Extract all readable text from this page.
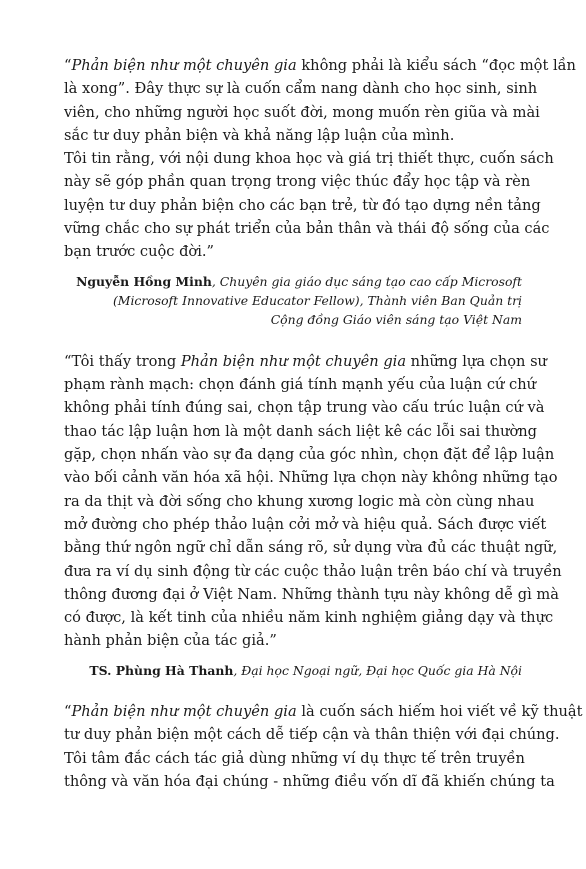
“Phản biện như một chuyên gia không phải là kiểu sách “đọc một lần
là xong”. Đây thực sự là cuốn cẩm nang dành cho học sinh, sinh
viên, cho những người học suốt đời, mong muốn rèn giũa và mài
sắc tư duy phản biện và khả năng lập luận của mình.
Tôi tin rằng, với nội dung khoa học và giá trị thiết thực, cuốn sách
này sẽ góp phần quan trọng trong việc thúc đẩy học tập và rèn
luyện tư duy phản biện cho các bạn trẻ, từ đó tạo dựng nền tảng
vững chắc cho sự phát triển của bản thân và thái độ sống của các
bạn trước cuộc đời.”
Nguyễn Hồng Minh, Chuyên gia giáo dục sáng tạo cao cấp Microsoft
(Microsoft Innovative Educator Fellow), Thành viên Ban Quản trị
Cộng đồng Giáo viên sáng tạo Việt Nam
“Tôi thấy trong Phản biện như một chuyên gia những lựa chọn sư
phạm rành mạch: chọn đánh giá tính mạnh yếu của luận cứ chứ
không phải tính đúng sai, chọn tập trung vào cấu trúc luận cứ và
thao tác lập luận hơn là một danh sách liệt kê các lỗi sai thường
gặp, chọn nhấn vào sự đa dạng của góc nhìn, chọn đặt để lập luận
vào bối cảnh văn hóa xã hội. Những lựa chọn này không những tạo
ra da thịt và đời sống cho khung xương logic mà còn cùng nhau
mở đường cho phép thảo luận cởi mở và hiệu quả. Sách được viết
bằng thứ ngôn ngữ chỉ dẫn sáng rõ, sử dụng vừa đủ các thuật ngữ,
đưa ra ví dụ sinh động từ các cuộc thảo luận trên báo chí và truyền
thông đương đại ở Việt Nam. Những thành tựu này không dễ gì mà
có được, là kết tinh của nhiều năm kinh nghiệm giảng dạy và thực
hành phản biện của tác giả.”
TS. Phùng Hà Thanh, Đại học Ngoại ngữ, Đại học Quốc gia Hà Nội
“Phản biện như một chuyên gia là cuốn sách hiếm hoi viết về kỹ thuật
tư duy phản biện một cách dễ tiếp cận và thân thiện với đại chúng.
Tôi tâm đắc cách tác giả dùng những ví dụ thực tế trên truyền
thông và văn hóa đại chúng - những điều vốn dĩ đã khiến chúng ta
